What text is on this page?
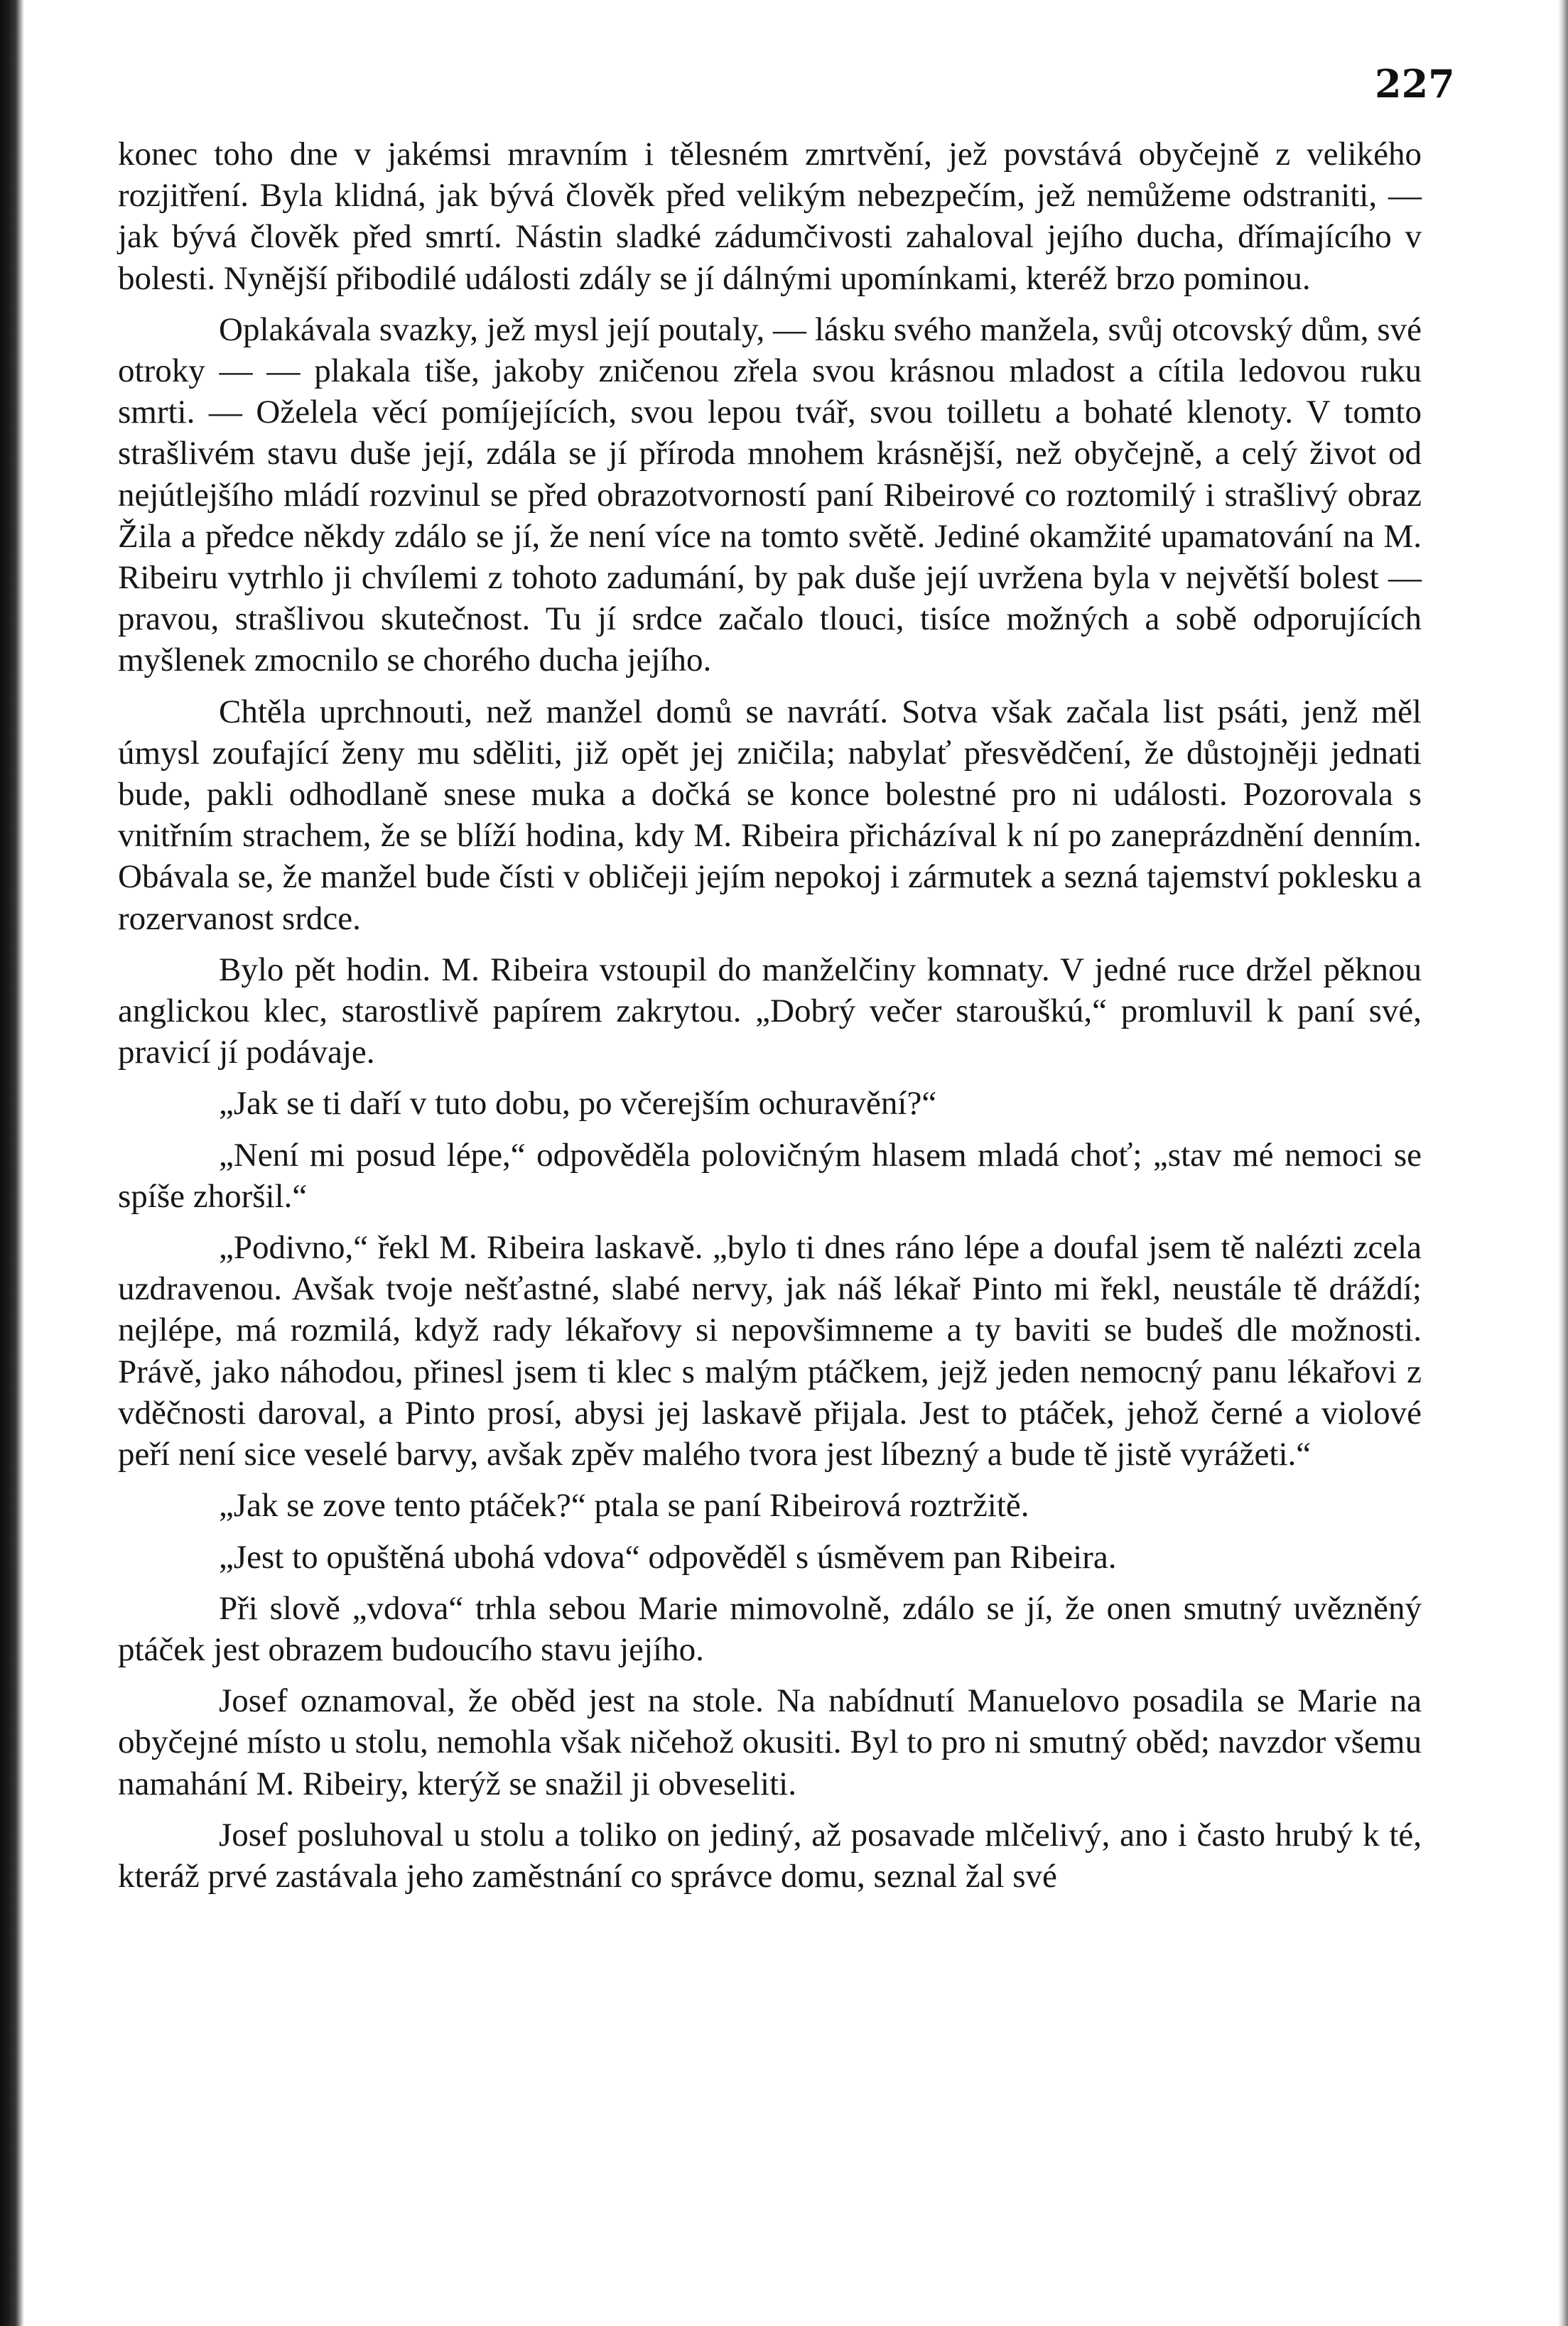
227

konec toho dne v jakémsi mravním i tělesném zmrtvění, jež povstává obyčejně z velikého rozjitření. Byla klidná, jak bývá člověk před velikým nebezpečím, jež nemůžeme odstraniti, — jak bývá člověk před smrtí. Nástin sladké zádumčivosti zahaloval jejího ducha, dřímajícího v bolesti. Nynější přibodilé události zdály se jí dálnými upomínkami, kteréž brzo pominou.

Oplakávala svazky, jež mysl její poutaly, — lásku svého manžela, svůj otcovský dům, své otroky — — plakala tiše, jakoby zničenou zřela svou krásnou mladost a cítila ledovou ruku smrti. — Oželela věcí pomíjejících, svou lepou tvář, svou toilletu a bohaté klenoty. V tomto strašlivém stavu duše její, zdála se jí příroda mnohem krásnější, než obyčejně, a celý život od nejútlejšího mládí rozvinul se před obrazotvorností paní Ribeirové co roztomilý i strašlivý obraz Žila a předce někdy zdálo se jí, že není více na tomto světě. Jediné okamžité upamatování na M. Ribeiru vytrhlo ji chvílemi z tohoto zadumání, by pak duše její uvržena byla v největší bolest — pravou, strašlivou skutečnost. Tu jí srdce začalo tlouci, tisíce možných a sobě odporujících myšlenek zmocnilo se chorého ducha jejího.

Chtěla uprchnouti, než manžel domů se navrátí. Sotva však začala list psáti, jenž měl úmysl zoufající ženy mu sděliti, již opět jej zničila; nabylať přesvědčení, že důstojněji jednati bude, pakli odhodlaně snese muka a dočká se konce bolestné pro ni události. Pozorovala s vnitřním strachem, že se blíží hodina, kdy M. Ribeira přicházíval k ní po zaneprázdnění denním. Obávala se, že manžel bude čísti v obličeji jejím nepokoj i zármutek a sezná tajemství poklesku a rozervanost srdce.

Bylo pět hodin. M. Ribeira vstoupil do manželčiny komnaty. V jedné ruce držel pěknou anglickou klec, starostlivě papírem zakrytou. „Dobrý večer starouškú,“ promluvil k paní své, pravicí jí podávaje.

„Jak se ti daří v tuto dobu, po včerejším ochuravění?“

„Není mi posud lépe,“ odpověděla polovičným hlasem mladá choť; „stav mé nemoci se spíše zhoršil.“

„Podivno,“ řekl M. Ribeira laskavě. „bylo ti dnes ráno lépe a doufal jsem tě nalézti zcela uzdravenou. Avšak tvoje nešťastné, slabé nervy, jak náš lékař Pinto mi řekl, neustále tě dráždí; nejlépe, má rozmilá, když rady lékařovy si nepovšimneme a ty baviti se budeš dle možnosti. Právě, jako náhodou, přinesl jsem ti klec s malým ptáčkem, jejž jeden nemocný panu lékařovi z vděčnosti daroval, a Pinto prosí, abysi jej laskavě přijala. Jest to ptáček, jehož černé a violové peří není sice veselé barvy, avšak zpěv malého tvora jest líbezný a bude tě jistě vyrážeti.“

„Jak se zove tento ptáček?“ ptala se paní Ribeirová roztržitě.

„Jest to opuštěná ubohá vdova“ odpověděl s úsměvem pan Ribeira.

Při slově „vdova“ trhla sebou Marie mimovolně, zdálo se jí, že onen smutný uvězněný ptáček jest obrazem budoucího stavu jejího.

Josef oznamoval, že oběd jest na stole. Na nabídnutí Manuelovo posadila se Marie na obyčejné místo u stolu, nemohla však ničehož okusiti. Byl to pro ni smutný oběd; navzdor všemu namahání M. Ribeiry, kterýž se snažil ji obveseliti.

Josef posluhoval u stolu a toliko on jediný, až posavade mlčelivý, ano i často hrubý k té, kteráž prvé zastávala jeho zaměstnání co správce domu, seznal žal své
